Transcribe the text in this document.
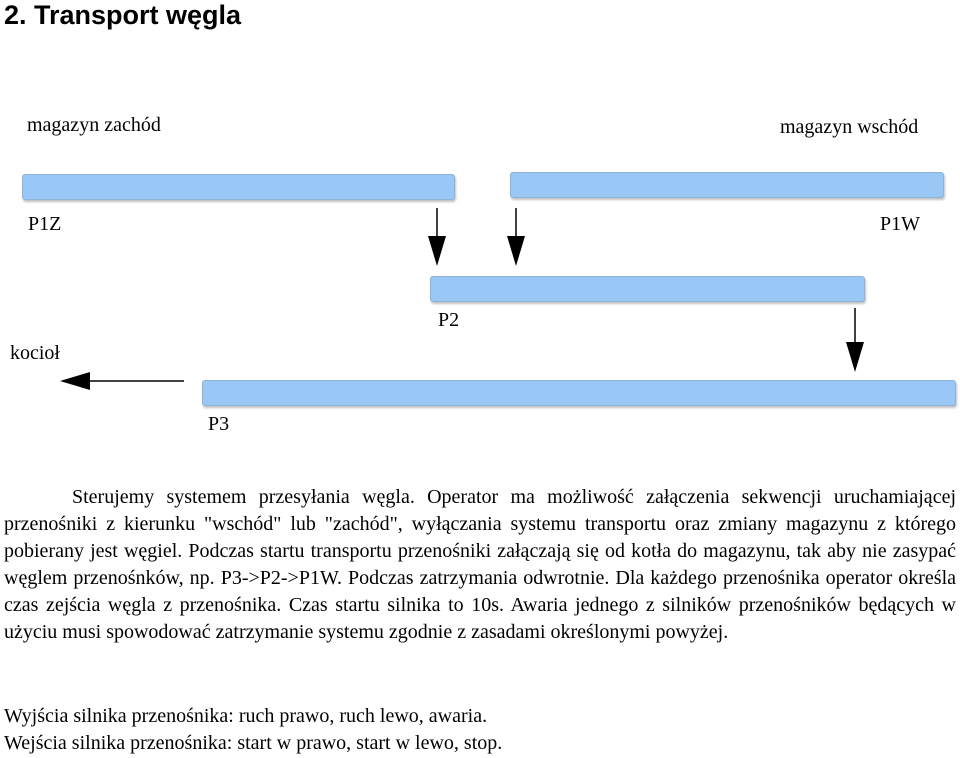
2. Transport węgla
magazyn zachód	magazyn wschód
P1Z	P1W
P2
kocioł
P3

Sterujemy systemem przesyłania węgla. Operator ma możliwość załączenia sekwencji uruchamiającej przenośniki z kierunku "wschód" lub "zachód", wyłączania systemu transportu oraz zmiany magazynu z którego pobierany jest węgiel. Podczas startu transportu przenośniki załączają się od kotła do magazynu, tak aby nie zasypać węglem przenośnków, np. P3->P2->P1W. Podczas zatrzymania odwrotnie. Dla każdego przenośnika operator określa czas zejścia węgla z przenośnika. Czas startu silnika to 10s. Awaria jednego z silników przenośników będących w użyciu musi spowodować zatrzymanie systemu zgodnie z zasadami określonymi powyżej.

Wyjścia silnika przenośnika: ruch prawo, ruch lewo, awaria.

Wejścia silnika przenośnika: start w prawo, start w lewo, stop.
